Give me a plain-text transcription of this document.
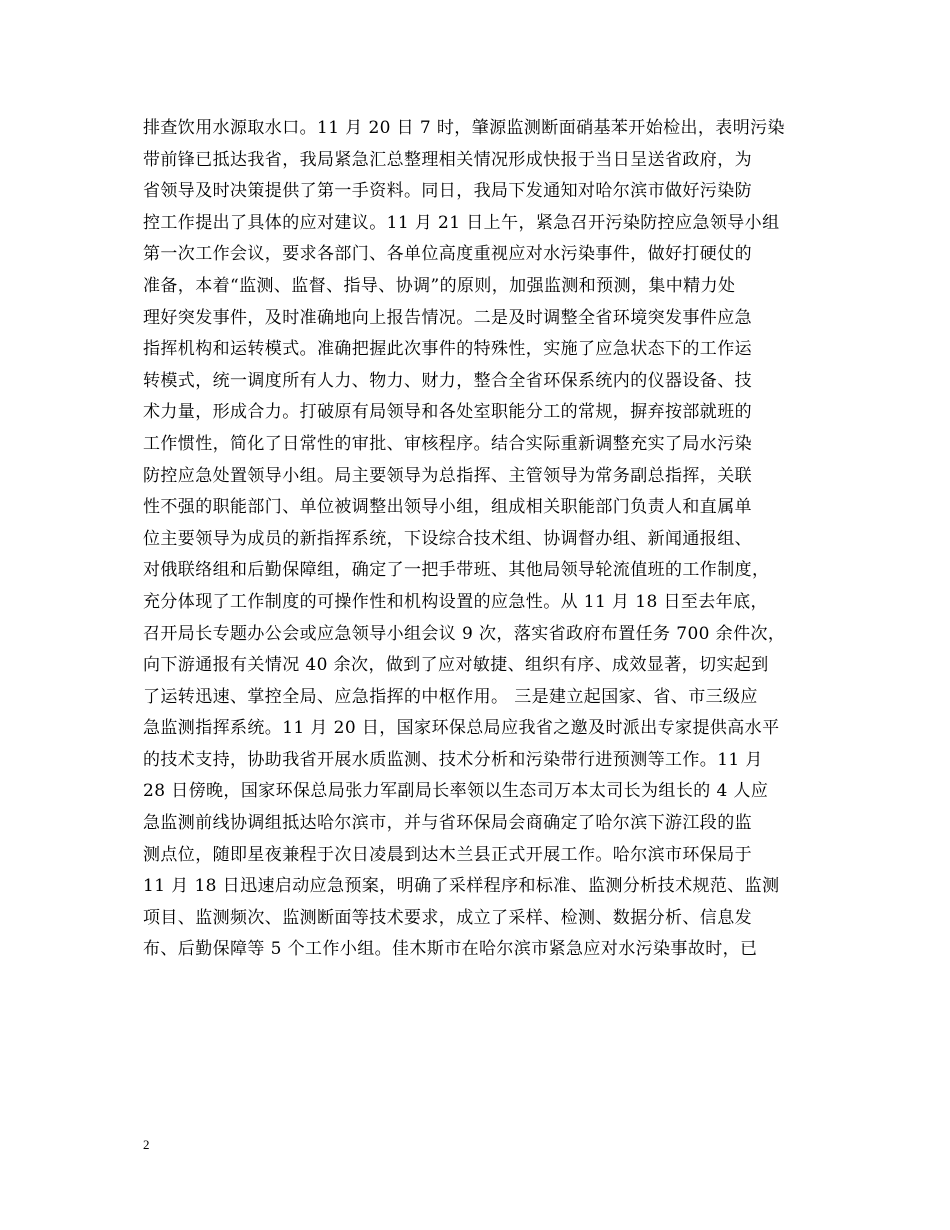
排查饮用水源取水口。11 月 20 日 7 时，肇源监测断面硝基苯开始检出，表明污染
带前锋已抵达我省，我局紧急汇总整理相关情况形成快报于当日呈送省政府，为
省领导及时决策提供了第一手资料。同日，我局下发通知对哈尔滨市做好污染防
控工作提出了具体的应对建议。11 月 21 日上午，紧急召开污染防控应急领导小组
第一次工作会议，要求各部门、各单位高度重视应对水污染事件，做好打硬仗的
准备，本着“监测、监督、指导、协调”的原则，加强监测和预测，集中精力处
理好突发事件，及时准确地向上报告情况。二是及时调整全省环境突发事件应急
指挥机构和运转模式。准确把握此次事件的特殊性，实施了应急状态下的工作运
转模式，统一调度所有人力、物力、财力，整合全省环保系统内的仪器设备、技
术力量，形成合力。打破原有局领导和各处室职能分工的常规，摒弃按部就班的
工作惯性，简化了日常性的审批、审核程序。结合实际重新调整充实了局水污染
防控应急处置领导小组。局主要领导为总指挥、主管领导为常务副总指挥，关联
性不强的职能部门、单位被调整出领导小组，组成相关职能部门负责人和直属单
位主要领导为成员的新指挥系统，下设综合技术组、协调督办组、新闻通报组、
对俄联络组和后勤保障组，确定了一把手带班、其他局领导轮流值班的工作制度，
充分体现了工作制度的可操作性和机构设置的应急性。从 11 月 18 日至去年底，
召开局长专题办公会或应急领导小组会议 9 次，落实省政府布置任务 700 余件次，
向下游通报有关情况 40 余次，做到了应对敏捷、组织有序、成效显著，切实起到
了运转迅速、掌控全局、应急指挥的中枢作用。 三是建立起国家、省、市三级应
急监测指挥系统。11 月 20 日，国家环保总局应我省之邀及时派出专家提供高水平
的技术支持，协助我省开展水质监测、技术分析和污染带行进预测等工作。11 月
28 日傍晚，国家环保总局张力军副局长率领以生态司万本太司长为组长的 4 人应
急监测前线协调组抵达哈尔滨市，并与省环保局会商确定了哈尔滨下游江段的监
测点位，随即星夜兼程于次日凌晨到达木兰县正式开展工作。哈尔滨市环保局于
11 月 18 日迅速启动应急预案，明确了采样程序和标准、监测分析技术规范、监测
项目、监测频次、监测断面等技术要求，成立了采样、检测、数据分析、信息发
布、后勤保障等 5 个工作小组。佳木斯市在哈尔滨市紧急应对水污染事故时，已
2
